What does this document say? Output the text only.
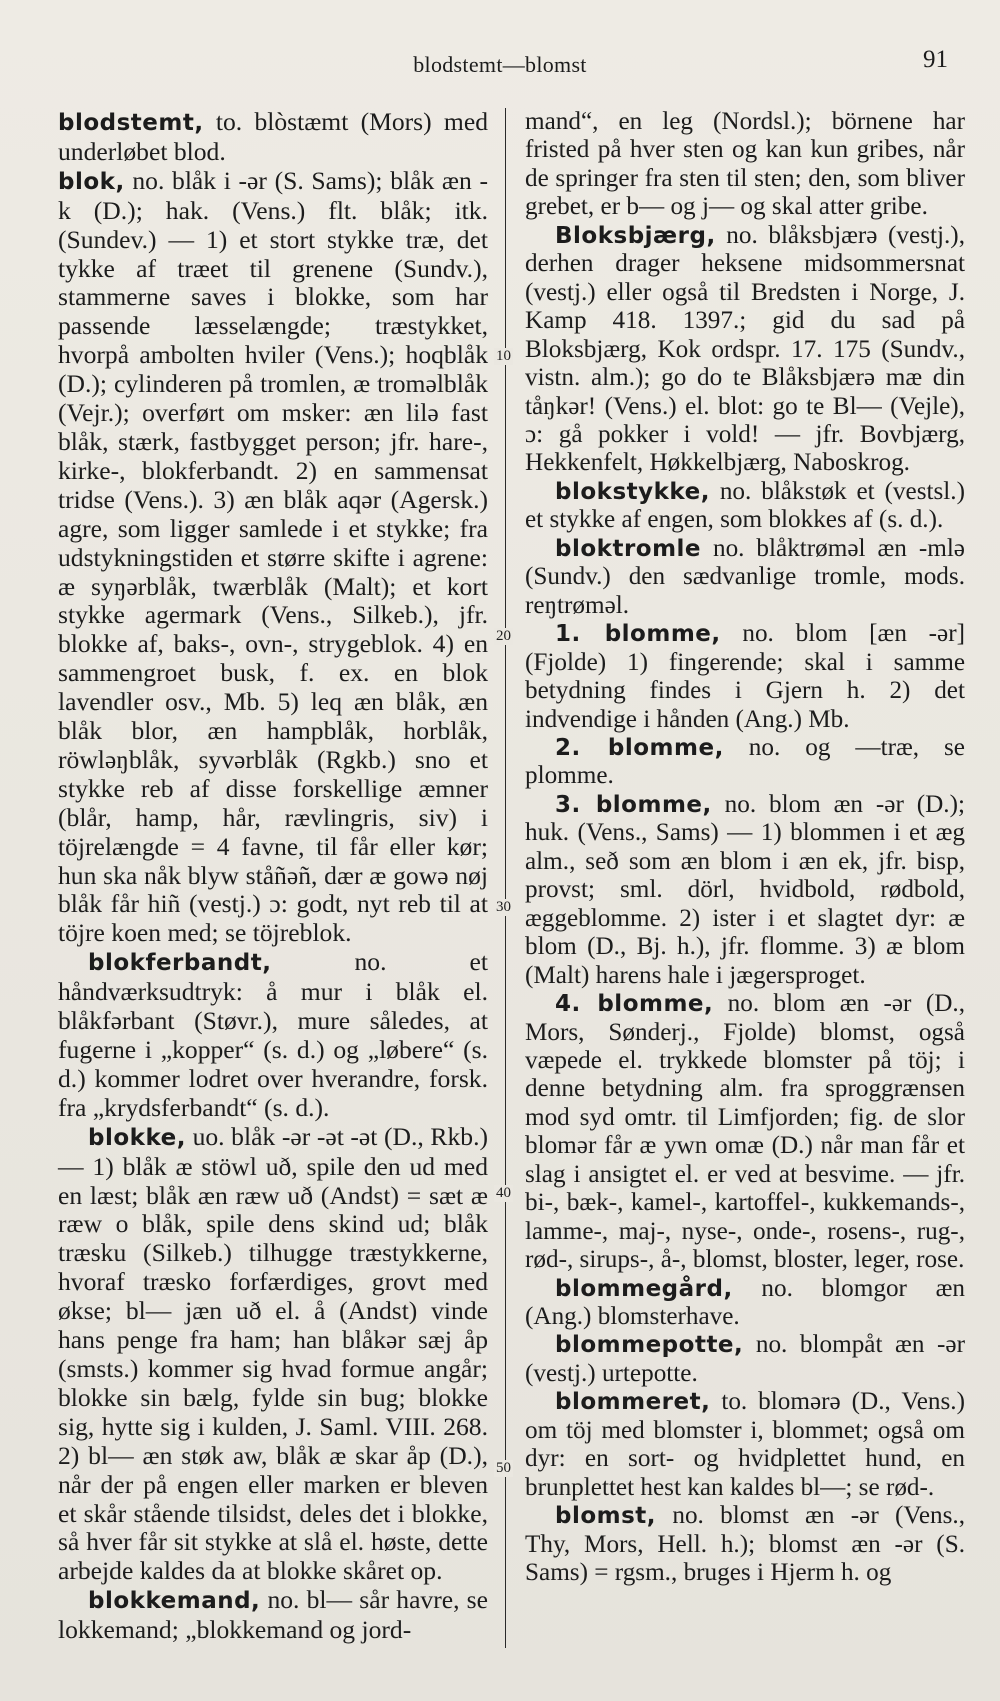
blodstemt—blomst	91
10
20
30
40
50

blodstemt, to. blòstæmt (Mors) med underløbet blod.

blok, no. blåk i -ər (S. Sams); blåk æn -k (D.); hak. (Vens.) flt. blåk; itk. (Sundev.) — 1) et stort stykke træ, det tykke af træet til grenene (Sundv.), stammerne saves i blokke, som har passende læsselængde; træstykket, hvorpå ambolten hviler (Vens.); hoqblåk (D.); cylinderen på tromlen, æ troməlblåk (Vejr.); overført om msker: æn lilə fast blåk, stærk, fastbygget person; jfr. hare-, kirke-, blokferbandt. 2) en sammensat tridse (Vens.). 3) æn blåk aqər (Agersk.) agre, som ligger samlede i et stykke; fra udstykningstiden et større skifte i agrene: æ syŋərblåk, twærblåk (Malt); et kort stykke agermark (Vens., Silkeb.), jfr. blokke af, baks-, ovn-, strygeblok. 4) en sammengroet busk, f. ex. en blok lavendler osv., Mb. 5) leq æn blåk, æn blåk blor, æn hampblåk, horblåk, röwləŋblåk, syvərblåk (Rgkb.) sno et stykke reb af disse forskellige æmner (blår, hamp, hår, rævlingris, siv) i töjrelængde = 4 favne, til får eller kør; hun ska nåk blyw ståñəñ, dær æ gowə nøj blåk får hiñ (vestj.) ɔ: godt, nyt reb til at töjre koen med; se töjreblok.

blokferbandt, no. et håndværksudtryk: å mur i blåk el. blåkfərbant (Støvr.), mure således, at fugerne i „kopper“ (s. d.) og „løbere“ (s. d.) kommer lodret over hverandre, forsk. fra „krydsferbandt“ (s. d.).

blokke, uo. blåk -ər -ət -ət (D., Rkb.) — 1) blåk æ stöwl uð, spile den ud med en læst; blåk æn ræw uð (Andst) = sæt æ ræw o blåk, spile dens skind ud; blåk træsku (Silkeb.) tilhugge træstykkerne, hvoraf træsko forfærdiges, grovt med økse; bl— jæn uð el. å (Andst) vinde hans penge fra ham; han blåkər sæj åp (smsts.) kommer sig hvad formue angår; blokke sin bælg, fylde sin bug; blokke sig, hytte sig i kulden, J. Saml. VIII. 268. 2) bl— æn støk aw, blåk æ skar åp (D.), når der på engen eller marken er bleven et skår stående tilsidst, deles det i blokke, så hver får sit stykke at slå el. høste, dette arbejde kaldes da at blokke skåret op.

blokkemand, no. bl— sår havre, se lokkemand; „blokkemand og jord-

mand“, en leg (Nordsl.); börnene har fristed på hver sten og kan kun gribes, når de springer fra sten til sten; den, som bliver grebet, er b— og j— og skal atter gribe.

Bloksbjærg, no. blåksbjærə (vestj.), derhen drager heksene midsommersnat (vestj.) eller også til Bredsten i Norge, J. Kamp 418. 1397.; gid du sad på Bloksbjærg, Kok ordspr. 17. 175 (Sundv., vistn. alm.); go do te Blåksbjærə mæ din tåŋkər! (Vens.) el. blot: go te Bl— (Vejle), ɔ: gå pokker i vold! — jfr. Bovbjærg, Hekkenfelt, Høkkelbjærg, Naboskrog.

blokstykke, no. blåkstøk et (vestsl.) et stykke af engen, som blokkes af (s. d.).

bloktromle no. blåktrøməl æn -mlə (Sundv.) den sædvanlige tromle, mods. reŋtrøməl.

1. blomme, no. blom [æn -ər] (Fjolde) 1) fingerende; skal i samme betydning findes i Gjern h. 2) det indvendige i hånden (Ang.) Mb.

2. blomme, no. og —træ, se plomme.

3. blomme, no. blom æn -ər (D.); huk. (Vens., Sams) — 1) blommen i et æg alm., seð som æn blom i æn ek, jfr. bisp, provst; sml. dörl, hvidbold, rødbold, æggeblomme. 2) ister i et slagtet dyr: æ blom (D., Bj. h.), jfr. flomme. 3) æ blom (Malt) harens hale i jægersproget.

4. blomme, no. blom æn -ər (D., Mors, Sønderj., Fjolde) blomst, også væpede el. trykkede blomster på töj; i denne betydning alm. fra sproggrænsen mod syd omtr. til Limfjorden; fig. de slor blomər får æ ywn omæ (D.) når man får et slag i ansigtet el. er ved at besvime. — jfr. bi-, bæk-, kamel-, kartoffel-, kukkemands-, lamme-, maj-, nyse-, onde-, rosens-, rug-, rød-, sirups-, å-, blomst, bloster, leger, rose.

blommegård, no. blomgor æn (Ang.) blomsterhave.

blommepotte, no. blompåt æn -ər (vestj.) urtepotte.

blommeret, to. blomərə (D., Vens.) om töj med blomster i, blommet; også om dyr: en sort- og hvidplettet hund, en brunplettet hest kan kaldes bl—; se rød-.

blomst, no. blomst æn -ər (Vens., Thy, Mors, Hell. h.); blomst æn -ər (S. Sams) = rgsm., bruges i Hjerm h. og
